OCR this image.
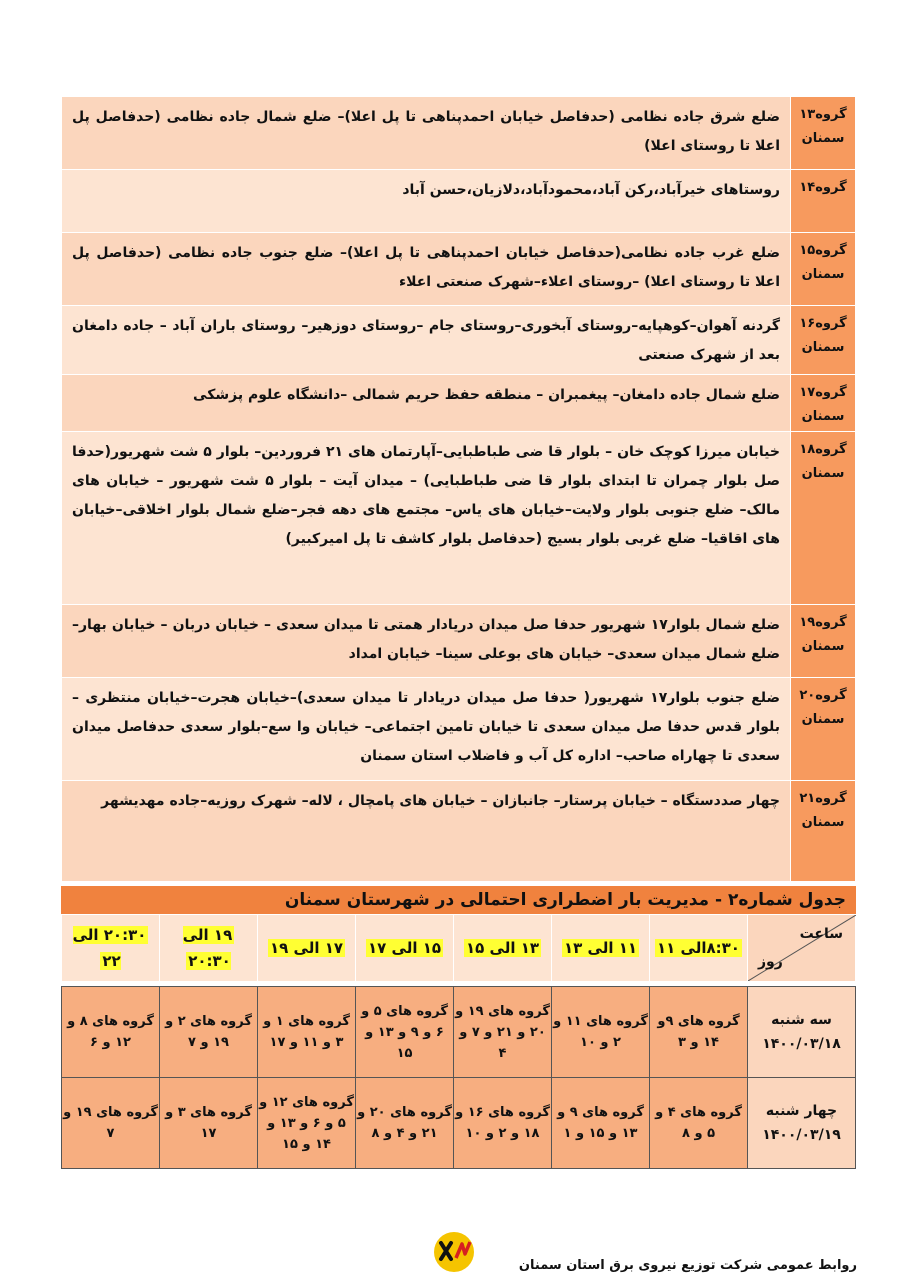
گروه۱۳ سمنان	ضلع شرق جاده نظامی (حدفاصل خیابان احمدپناهی تا پل اعلا)– ضلع شمال جاده نظامی (حدفاصل پل اعلا تا روستای اعلا)
گروه۱۴	روستاهای خیرآباد،رکن آباد،محمودآباد،دلازیان،حسن آباد
گروه۱۵ سمنان	ضلع غرب جاده نظامی(حدفاصل خیابان احمدپناهی تا پل اعلا)– ضلع جنوب جاده نظامی (حدفاصل پل اعلا تا روستای اعلا) –روستای اعلاء–شهرک صنعتی اعلاء
گروه۱۶ سمنان	گردنه آهوان–کوهپایه–روستای آبخوری–روستای جام –روستای دوزهیر– روستای باران آباد – جاده دامغان بعد از شهرک صنعتی
گروه۱۷ سمنان	ضلع شمال جاده دامغان– پیغمبران – منطقه حفظ حریم شمالی –دانشگاه علوم پزشکی
گروه۱۸ سمنان	خیابان میرزا کوچک خان – بلوار قا ضی طباطبایی–آپارتمان های ۲۱ فروردین– بلوار ۵ شت شهریور(حدفا صل بلوار چمران تا ابتدای بلوار قا ضی طباطبایی) – میدان آیت – بلوار ۵ شت شهریور – خیابان های مالک– ضلع جنوبی بلوار ولایت–خیابان های یاس– مجتمع های دهه فجر–ضلع شمال بلوار اخلاقی–خیابان های اقاقیا– ضلع غربی بلوار بسیج (حدفاصل بلوار کاشف تا پل امیرکبیر)
گروه۱۹ سمنان	ضلع شمال بلوار۱۷ شهریور حدفا صل میدان دریادار همتی تا میدان سعدی – خیابان دربان – خیابان بهار– ضلع شمال میدان سعدی– خیابان های بوعلی سینا– خیابان امداد
گروه۲۰ سمنان	ضلع جنوب بلوار۱۷ شهریور( حدفا صل میدان دریادار تا میدان سعدی)–خیابان هجرت–خیابان منتظری – بلوار قدس حدفا صل میدان سعدی تا خیابان تامین اجتماعی– خیابان وا سع–بلوار سعدی حدفاصل میدان سعدی تا چهاراه صاحب– اداره کل آب و فاضلاب استان سمنان
گروه۲۱ سمنان	چهار صددستگاه – خیابان پرستار– جانبازان – خیابان های پامچال ، لاله– شهرک روزیه–جاده مهدیشهر
جدول شماره۲ - مدیریت بار اضطراری احتمالی در شهرستان سمنان
ساعت
روز	۸:۳۰الی ۱۱	۱۱ الی ۱۳	۱۳ الی ۱۵	۱۵ الی ۱۷	۱۷ الی ۱۹	۱۹ الی ۲۰:۳۰	۲۰:۳۰ الی ۲۲

سه شنبه ۱۴۰۰/۰۳/۱۸	گروه های ۹و ۱۴ و ۳	گروه های ۱۱ و ۲ و ۱۰	گروه های ۱۹ و ۲۰ و ۲۱ و ۷ و ۴	گروه های ۵ و ۶ و ۹ و ۱۳ و ۱۵	گروه های ۱ و ۳ و ۱۱ و ۱۷	گروه های ۲ و ۱۹ و ۷	گروه های ۸ و ۱۲ و ۶
چهار شنبه ۱۴۰۰/۰۳/۱۹	گروه های ۴ و ۵ و ۸	گروه های ۹ و ۱۳ و ۱۵ و ۱	گروه های ۱۶ و ۱۸ و ۲ و ۱۰	گروه های ۲۰ و ۲۱ و ۴ و ۸	گروه های ۱۲ و ۵ و ۶ و ۱۳ و ۱۴ و ۱۵	گروه های ۳ و ۱۷	گروه های ۱۹ و ۷
روابط عمومی شرکت توزیع نیروی برق استان سمنان
